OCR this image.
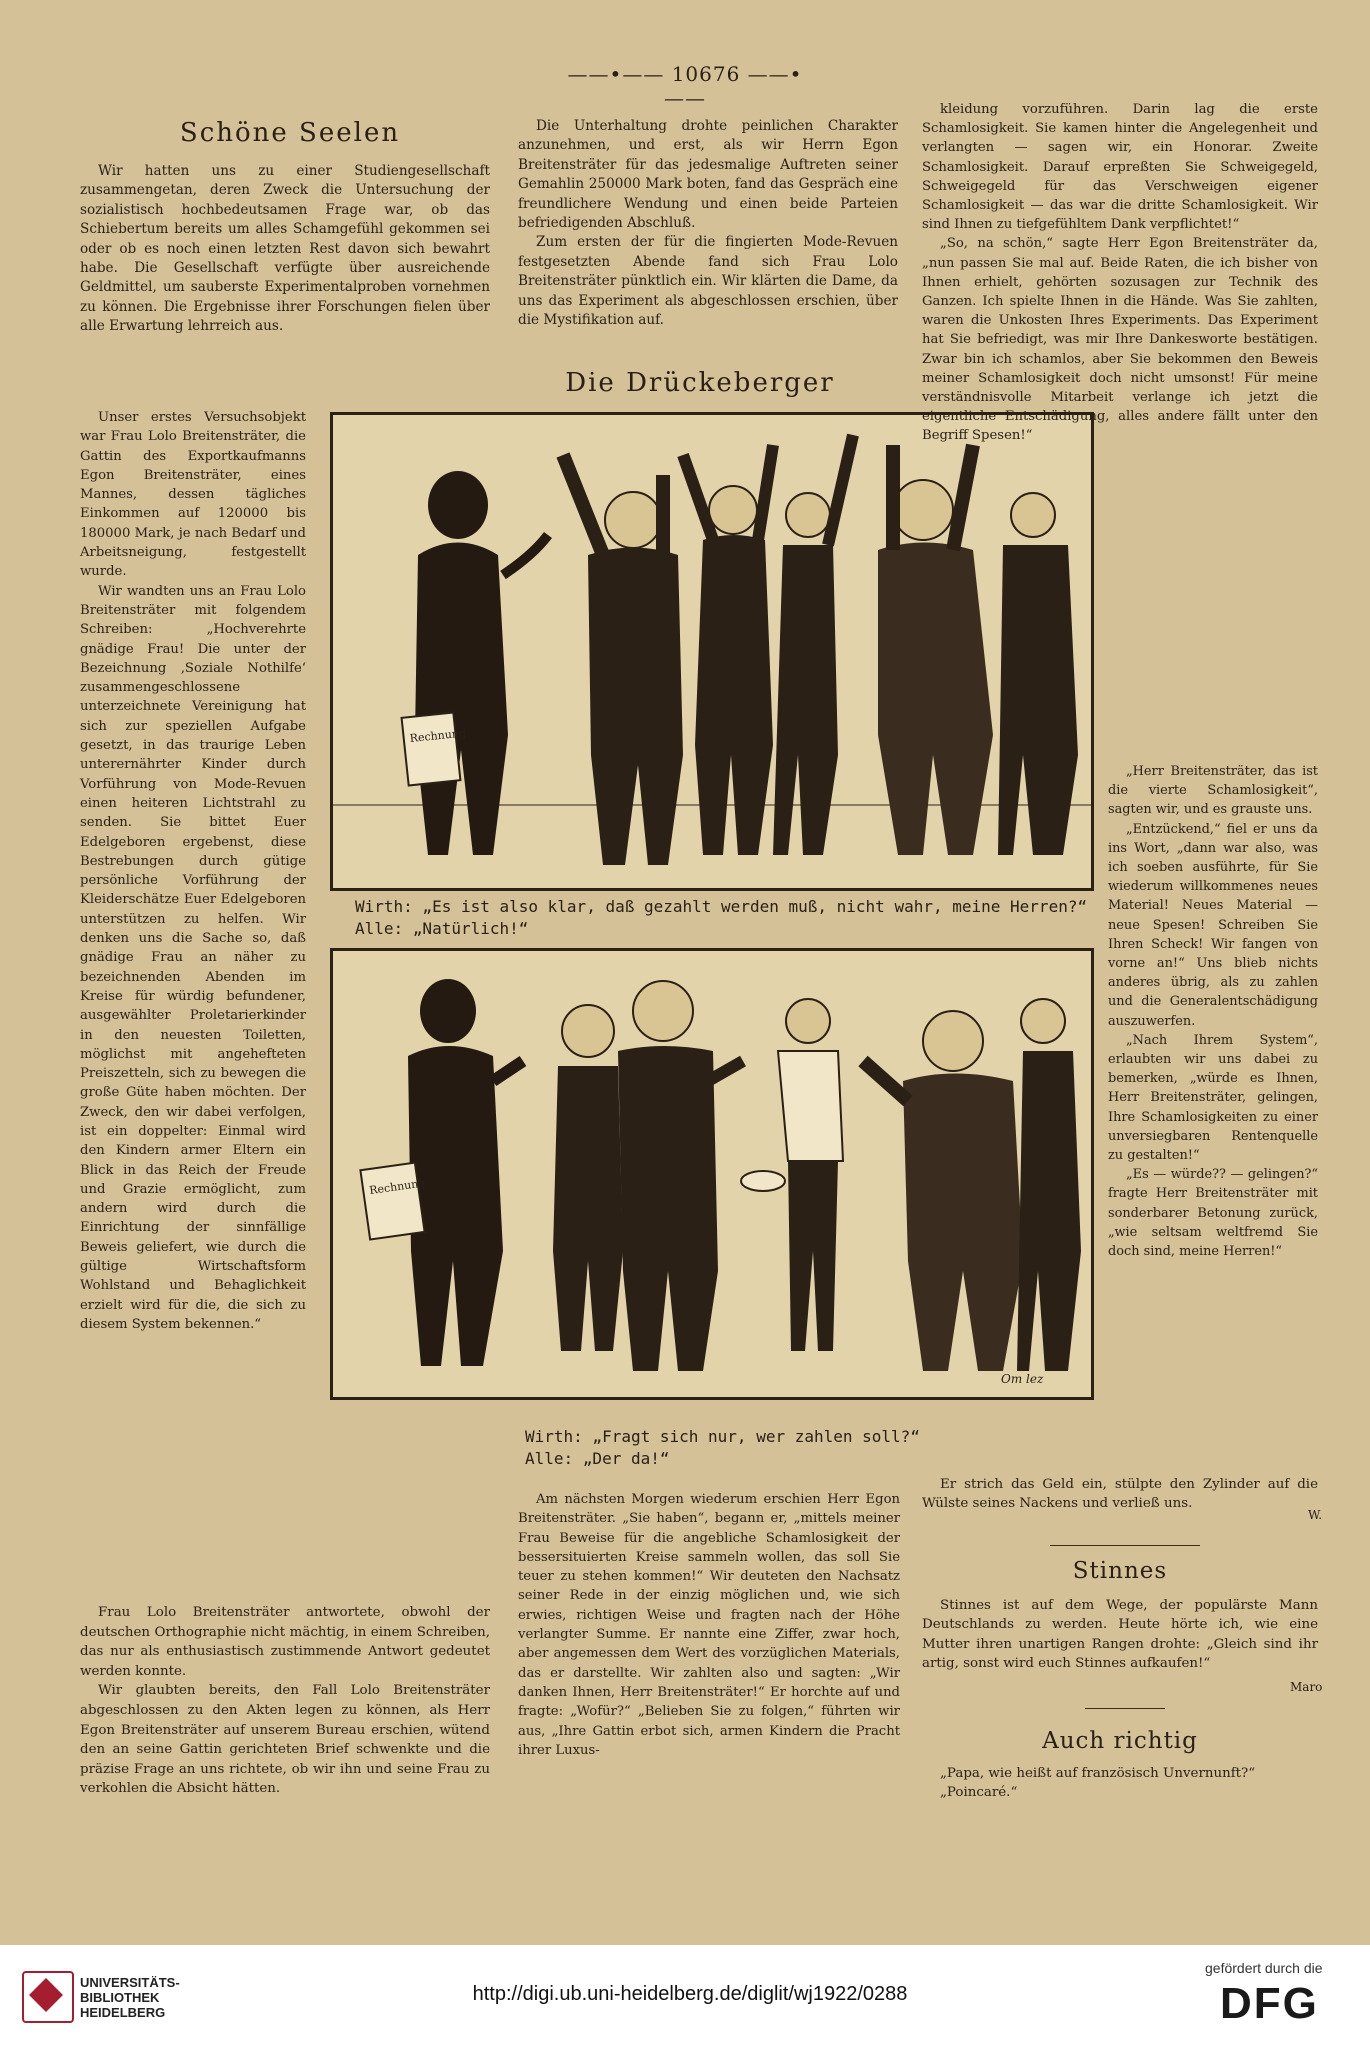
——•—— 10676 ——•——
Schöne Seelen

Wir hatten uns zu einer Studiengesellschaft zusammengetan, deren Zweck die Untersuchung der sozialistisch hochbedeutsamen Frage war, ob das Schiebertum bereits um alles Schamgefühl gekommen sei oder ob es noch einen letzten Rest davon sich bewahrt habe. Die Gesellschaft verfügte über ausreichende Geldmittel, um sauberste Experimentalproben vornehmen zu können. Die Ergebnisse ihrer Forschungen fielen über alle Erwartung lehrreich aus.

Unser erstes Versuchsobjekt war Frau Lolo Breitensträter, die Gattin des Exportkaufmanns Egon Breitensträter, eines Mannes, dessen tägliches Einkommen auf 120000 bis 180000 Mark, je nach Bedarf und Arbeitsneigung, festgestellt wurde.

Wir wandten uns an Frau Lolo Breitensträter mit folgendem Schreiben: „Hochverehrte gnädige Frau! Die unter der Bezeichnung ‚Soziale Nothilfe‘ zusammengeschlossene unterzeichnete Vereinigung hat sich zur speziellen Aufgabe gesetzt, in das traurige Leben unterernährter Kinder durch Vorführung von Mode-Revuen einen heiteren Lichtstrahl zu senden. Sie bittet Euer Edelgeboren ergebenst, diese Bestrebungen durch gütige persönliche Vorführung der Kleiderschätze Euer Edelgeboren unterstützen zu helfen. Wir denken uns die Sache so, daß gnädige Frau an näher zu bezeichnenden Abenden im Kreise für würdig befundener, ausgewählter Proletarierkinder in den neuesten Toiletten, möglichst mit angehefteten Preiszetteln, sich zu bewegen die große Güte haben möchten. Der Zweck, den wir dabei verfolgen, ist ein doppelter: Einmal wird den Kindern armer Eltern ein Blick in das Reich der Freude und Grazie ermöglicht, zum andern wird durch die Einrichtung der sinnfällige Beweis geliefert, wie durch die gültige Wirtschaftsform Wohlstand und Behaglichkeit erzielt wird für die, die sich zu diesem System bekennen.“

Frau Lolo Breitensträter antwortete, obwohl der deutschen Orthographie nicht mächtig, in einem Schreiben, das nur als enthusiastisch zustimmende Antwort gedeutet werden konnte.

Wir glaubten bereits, den Fall Lolo Breitensträter abgeschlossen zu den Akten legen zu können, als Herr Egon Breitensträter auf unserem Bureau erschien, wütend den an seine Gattin gerichteten Brief schwenkte und die präzise Frage an uns richtete, ob wir ihn und seine Frau zu verkohlen die Absicht hätten.

Die Unterhaltung drohte peinlichen Charakter anzunehmen, und erst, als wir Herrn Egon Breitensträter für das jedesmalige Auftreten seiner Gemahlin 250000 Mark boten, fand das Gespräch eine freundlichere Wendung und einen beide Parteien befriedigenden Abschluß.

Zum ersten der für die fingierten Mode-Revuen festgesetzten Abende fand sich Frau Lolo Breitensträter pünktlich ein. Wir klärten die Dame, da uns das Experiment als abgeschlossen erschien, über die Mystifikation auf.

Die Drückeberger
Rechnung
Wirth: „Es ist also klar, daß gezahlt werden muß, nicht wahr, meine Herren?“
Alle: „Natürlich!“
Rechnung
Om lez
Wirth: „Fragt sich nur, wer zahlen soll?“
Alle: „Der da!“

Am nächsten Morgen wiederum erschien Herr Egon Breitensträter. „Sie haben“, begann er, „mittels meiner Frau Beweise für die angebliche Schamlosigkeit der bessersituierten Kreise sammeln wollen, das soll Sie teuer zu stehen kommen!“ Wir deuteten den Nachsatz seiner Rede in der einzig möglichen und, wie sich erwies, richtigen Weise und fragten nach der Höhe verlangter Summe. Er nannte eine Ziffer, zwar hoch, aber angemessen dem Wert des vorzüglichen Materials, das er darstellte. Wir zahlten also und sagten: „Wir danken Ihnen, Herr Breitensträter!“ Er horchte auf und fragte: „Wofür?“ „Belieben Sie zu folgen,“ führten wir aus, „Ihre Gattin erbot sich, armen Kindern die Pracht ihrer Luxus-

kleidung vorzuführen. Darin lag die erste Schamlosigkeit. Sie kamen hinter die Angelegenheit und verlangten — sagen wir, ein Honorar. Zweite Schamlosigkeit. Darauf erpreßten Sie Schweigegeld, Schweigegeld für das Verschweigen eigener Schamlosigkeit — das war die dritte Schamlosigkeit. Wir sind Ihnen zu tiefgefühltem Dank verpflichtet!“

„So, na schön,“ sagte Herr Egon Breitensträter da, „nun passen Sie mal auf. Beide Raten, die ich bisher von Ihnen erhielt, gehörten sozusagen zur Technik des Ganzen. Ich spielte Ihnen in die Hände. Was Sie zahlten, waren die Unkosten Ihres Experiments. Das Experiment hat Sie befriedigt, was mir Ihre Dankesworte bestätigen. Zwar bin ich schamlos, aber Sie bekommen den Beweis meiner Schamlosigkeit doch nicht umsonst! Für meine verständnisvolle Mitarbeit verlange ich jetzt die eigentliche Entschädigung, alles andere fällt unter den Begriff Spesen!“

„Herr Breitensträter, das ist die vierte Schamlosigkeit“, sagten wir, und es grauste uns.

„Entzückend,“ fiel er uns da ins Wort, „dann war also, was ich soeben ausführte, für Sie wiederum willkommenes neues Material! Neues Material — neue Spesen! Schreiben Sie Ihren Scheck! Wir fangen von vorne an!“ Uns blieb nichts anderes übrig, als zu zahlen und die Generalentschädigung auszuwerfen.

„Nach Ihrem System“, erlaubten wir uns dabei zu bemerken, „würde es Ihnen, Herr Breitensträter, gelingen, Ihre Schamlosigkeiten zu einer unversiegbaren Rentenquelle zu gestalten!“

„Es — würde?? — gelingen?“ fragte Herr Breitensträter mit sonderbarer Betonung zurück, „wie seltsam weltfremd Sie doch sind, meine Herren!“

Er strich das Geld ein, stülpte den Zylinder auf die Wülste seines Nackens und verließ uns.

W.
Stinnes

Stinnes ist auf dem Wege, der populärste Mann Deutschlands zu werden. Heute hörte ich, wie eine Mutter ihren unartigen Rangen drohte: „Gleich sind ihr artig, sonst wird euch Stinnes aufkaufen!“

Maro
Auch richtig

„Papa, wie heißt auf französisch Unvernunft?“

„Poincaré.“

UNIVERSITÄTS-
BIBLIOTHEK
HEIDELBERG
http://digi.ub.uni-heidelberg.de/diglit/wj1922/0288
gefördert durch die
DFG
